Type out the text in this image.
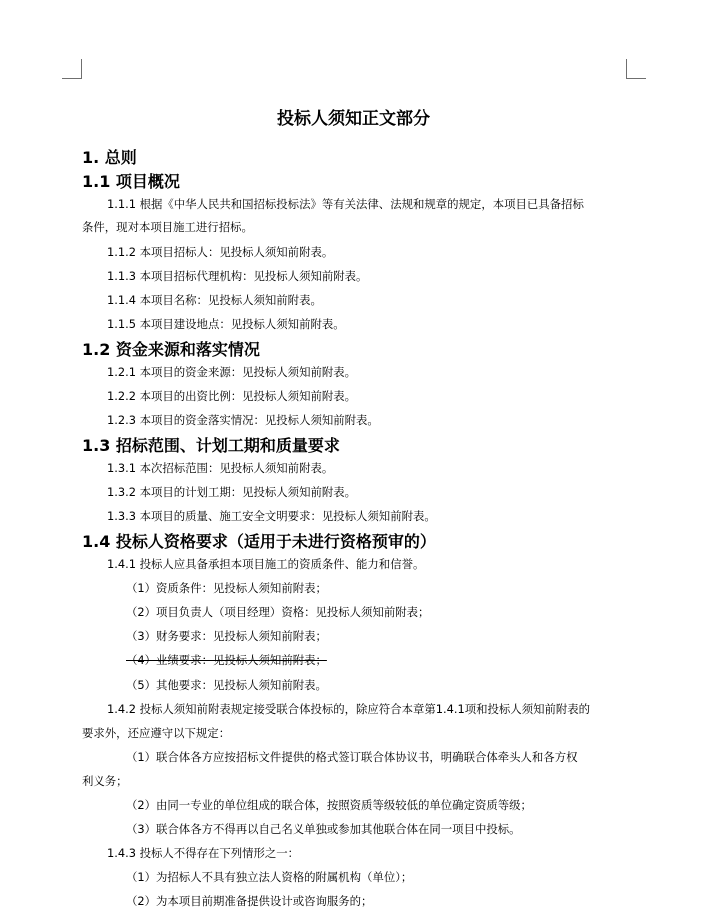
投标人须知正文部分
1. 总则
1.1 项目概况
1.1.1 根据《中华人民共和国招标投标法》等有关法律、法规和规章的规定，本项目已具备招标
条件，现对本项目施工进行招标。
1.1.2 本项目招标人：见投标人须知前附表。
1.1.3 本项目招标代理机构：见投标人须知前附表。
1.1.4 本项目名称：见投标人须知前附表。
1.1.5 本项目建设地点：见投标人须知前附表。
1.2 资金来源和落实情况
1.2.1 本项目的资金来源：见投标人须知前附表。
1.2.2 本项目的出资比例：见投标人须知前附表。
1.2.3 本项目的资金落实情况：见投标人须知前附表。
1.3 招标范围、计划工期和质量要求
1.3.1 本次招标范围：见投标人须知前附表。
1.3.2 本项目的计划工期：见投标人须知前附表。
1.3.3 本项目的质量、施工安全文明要求：见投标人须知前附表。
1.4 投标人资格要求（适用于未进行资格预审的）
1.4.1 投标人应具备承担本项目施工的资质条件、能力和信誉。
（1）资质条件：见投标人须知前附表；
（2）项目负责人（项目经理）资格：见投标人须知前附表；
（3）财务要求：见投标人须知前附表；
（4）业绩要求：见投标人须知前附表；
（5）其他要求：见投标人须知前附表。
1.4.2 投标人须知前附表规定接受联合体投标的，除应符合本章第1.4.1项和投标人须知前附表的
要求外，还应遵守以下规定：
（1）联合体各方应按招标文件提供的格式签订联合体协议书，明确联合体牵头人和各方权
利义务；
（2）由同一专业的单位组成的联合体，按照资质等级较低的单位确定资质等级；
（3）联合体各方不得再以自己名义单独或参加其他联合体在同一项目中投标。
1.4.3 投标人不得存在下列情形之一：
（1）为招标人不具有独立法人资格的附属机构（单位）；
（2）为本项目前期准备提供设计或咨询服务的；
